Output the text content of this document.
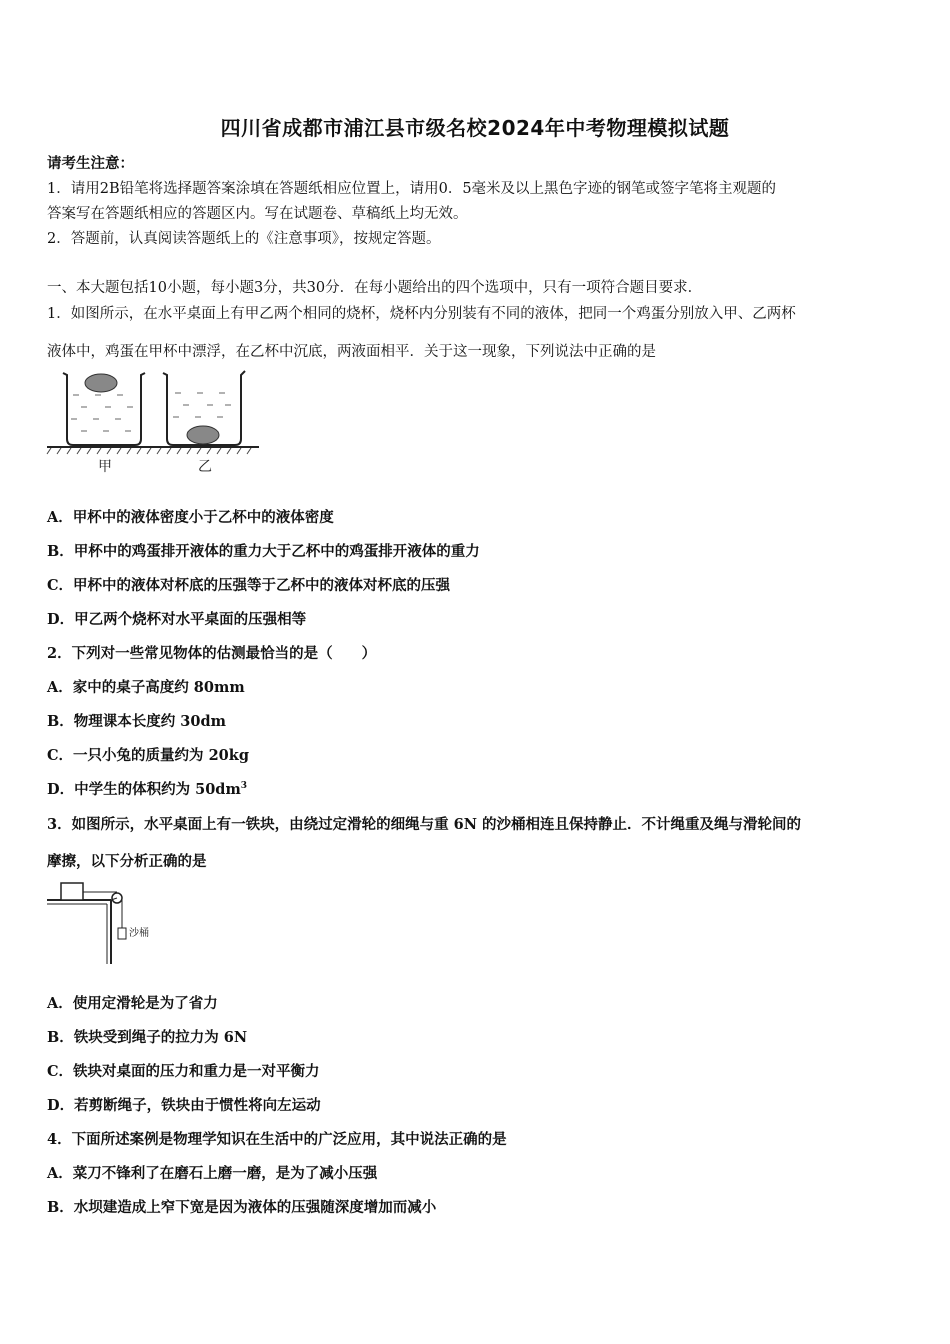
四川省成都市浦江县市级名校2024年中考物理模拟试题
请考生注意：
1．请用2B铅笔将选择题答案涂填在答题纸相应位置上，请用0．5毫米及以上黑色字迹的钢笔或签字笔将主观题的
答案写在答题纸相应的答题区内。写在试题卷、草稿纸上均无效。
2．答题前，认真阅读答题纸上的《注意事项》，按规定答题。
一、本大题包括10小题，每小题3分，共30分．在每小题给出的四个选项中，只有一项符合题目要求．
1．如图所示，在水平桌面上有甲乙两个相同的烧杯，烧杯内分别装有不同的液体，把同一个鸡蛋分别放入甲、乙两杯
液体中，鸡蛋在甲杯中漂浮，在乙杯中沉底，两液面相平．关于这一现象，下列说法中正确的是
甲	乙
A．甲杯中的液体密度小于乙杯中的液体密度
B．甲杯中的鸡蛋排开液体的重力大于乙杯中的鸡蛋排开液体的重力
C．甲杯中的液体对杯底的压强等于乙杯中的液体对杯底的压强
D．甲乙两个烧杯对水平桌面的压强相等
2．下列对一些常见物体的估测最恰当的是（　　）
A．家中的桌子高度约 80mm
B．物理课本长度约 30dm
C．一只小兔的质量约为 20kg
D．中学生的体积约为 $50dm^3$
3．如图所示，水平桌面上有一铁块，由绕过定滑轮的细绳与重 6N 的沙桶相连且保持静止．不计绳重及绳与滑轮间的
摩擦，以下分析正确的是
沙桶
A．使用定滑轮是为了省力
B．铁块受到绳子的拉力为 6N
C．铁块对桌面的压力和重力是一对平衡力
D．若剪断绳子，铁块由于惯性将向左运动
4．下面所述案例是物理学知识在生活中的广泛应用，其中说法正确的是
A．菜刀不锋利了在磨石上磨一磨，是为了减小压强
B．水坝建造成上窄下宽是因为液体的压强随深度增加而减小
